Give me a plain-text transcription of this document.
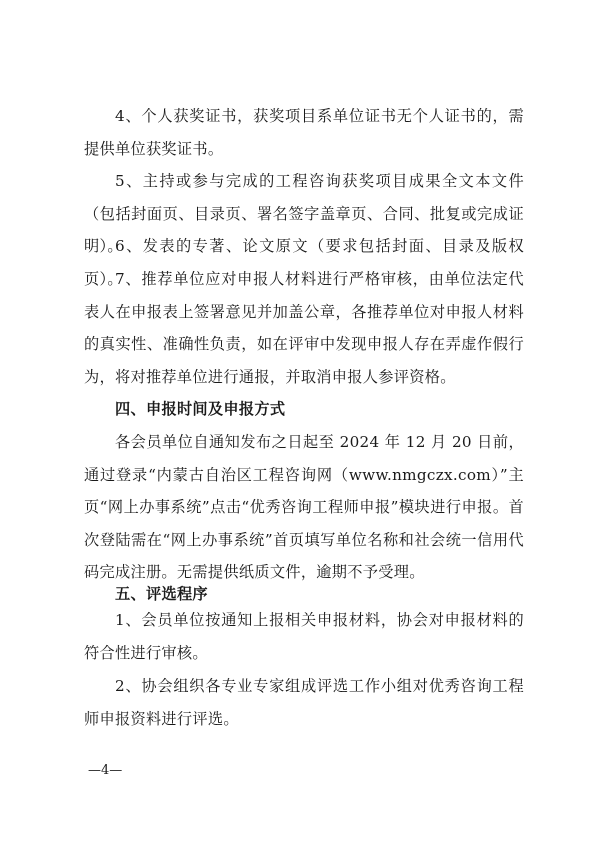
4、个人获奖证书，获奖项目系单位证书无个人证书的，需提供单位获奖证书。

5、主持或参与完成的工程咨询获奖项目成果全文本文件（包括封面页、目录页、署名签字盖章页、合同、批复或完成证明）。

6、发表的专著、论文原文（要求包括封面、目录及版权页）。

7、推荐单位应对申报人材料进行严格审核，由单位法定代表人在申报表上签署意见并加盖公章，各推荐单位对申报人材料的真实性、准确性负责，如在评审中发现申报人存在弄虚作假行为，将对推荐单位进行通报，并取消申报人参评资格。

四、申报时间及申报方式

各会员单位自通知发布之日起至 2024 年 12 月 20 日前，通过登录“内蒙古自治区工程咨询网（www.nmgczx.com）”主页“网上办事系统”点击“优秀咨询工程师申报”模块进行申报。首次登陆需在“网上办事系统”首页填写单位名称和社会统一信用代码完成注册。无需提供纸质文件，逾期不予受理。

五、评选程序

1、会员单位按通知上报相关申报材料，协会对申报材料的符合性进行审核。

2、协会组织各专业专家组成评选工作小组对优秀咨询工程师申报资料进行评选。

—4—
